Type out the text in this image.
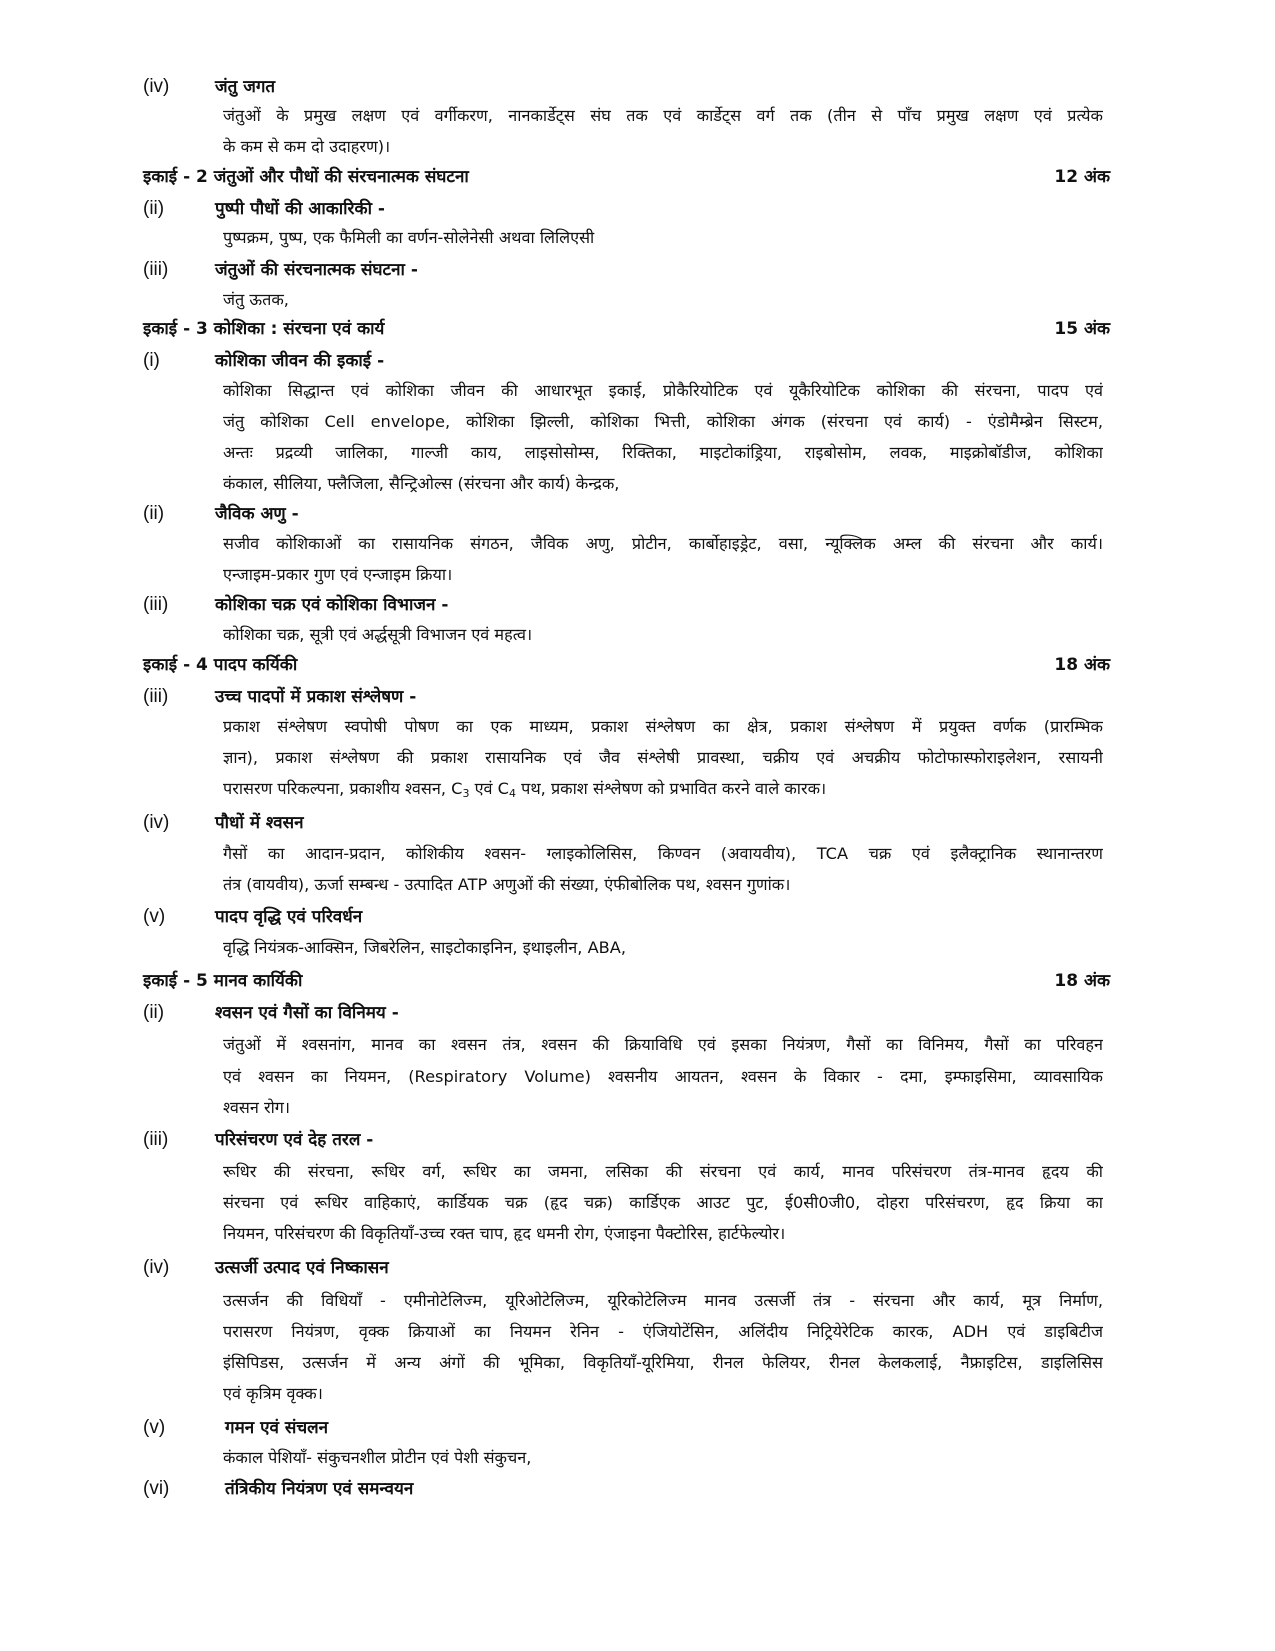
(iv)	जंतु जगत
जंतुओं के प्रमुख लक्षण एवं वर्गीकरण, नानकार्डेट्स संघ तक एवं कार्डेट्स वर्ग तक (तीन से पाँच प्रमुख लक्षण एवं प्रत्येक
के कम से कम दो उदाहरण)।
इकाई - 2 जंतुओं और पौधों की संरचनात्मक संघटना	12 अंक
(ii)	पुष्पी पौधों की आकारिकी -
पुष्पक्रम, पुष्प, एक फैमिली का वर्णन-सोलेनेसी अथवा लिलिएसी
(iii)	जंतुओं की संरचनात्मक संघटना -
जंतु ऊतक,
इकाई - 3 कोशिका : संरचना एवं कार्य	15 अंक
(i)	कोशिका जीवन की इकाई -
कोशिका सिद्धान्त एवं कोशिका जीवन की आधारभूत इकाई, प्रोकैरियोटिक एवं यूकैरियोटिक कोशिका की संरचना, पादप एवं
जंतु कोशिका Cell envelope, कोशिका झिल्ली, कोशिका भित्ती, कोशिका अंगक (संरचना एवं कार्य) - एंडोमैम्ब्रेन सिस्टम,
अन्तः प्रद्रव्यी जालिका, गाल्जी काय, लाइसोसोम्स, रिक्तिका, माइटोकांड्रिया, राइबोसोम, लवक, माइक्रोबॉडीज, कोशिका
कंकाल, सीलिया, फ्लैजिला, सैन्ट्रिओल्स (संरचना और कार्य) केन्द्रक,
(ii)	जैविक अणु -
सजीव कोशिकाओं का रासायनिक संगठन, जैविक अणु, प्रोटीन, कार्बोहाइड्रेट, वसा, न्यूक्लिक अम्ल की संरचना और कार्य।
एन्जाइम-प्रकार गुण एवं एन्जाइम क्रिया।
(iii)	कोशिका चक्र एवं कोशिका विभाजन -
कोशिका चक्र, सूत्री एवं अर्द्धसूत्री विभाजन एवं महत्व।
इकाई - 4 पादप कर्यिकी	18 अंक
(iii)	उच्च पादपों में प्रकाश संश्लेषण -
प्रकाश संश्लेषण स्वपोषी पोषण का एक माध्यम, प्रकाश संश्लेषण का क्षेत्र, प्रकाश संश्लेषण में प्रयुक्त वर्णक (प्रारम्भिक
ज्ञान), प्रकाश संश्लेषण की प्रकाश रासायनिक एवं जैव संश्लेषी प्रावस्था, चक्रीय एवं अचक्रीय फोटोफास्फोराइलेशन, रसायनी
परासरण परिकल्पना, प्रकाशीय श्वसन, $C_3$ एवं $C_4$ पथ, प्रकाश संश्लेषण को प्रभावित करने वाले कारक।
(iv)	पौधों में श्वसन
गैसों का आदान-प्रदान, कोशिकीय श्वसन- ग्लाइकोलिसिस, किण्वन (अवायवीय), TCA चक्र एवं इलैक्ट्रानिक स्थानान्तरण
तंत्र (वायवीय), ऊर्जा सम्बन्ध - उत्पादित ATP अणुओं की संख्या, एंफीबोलिक पथ, श्वसन गुणांक।
(v)	पादप वृद्धि एवं परिवर्धन
वृद्धि नियंत्रक-आक्सिन, जिबरेलिन, साइटोकाइनिन, इथाइलीन, ABA,
इकाई - 5 मानव कार्यिकी	18 अंक
(ii)	श्वसन एवं गैसों का विनिमय -
जंतुओं में श्वसनांग, मानव का श्वसन तंत्र, श्वसन की क्रियाविधि एवं इसका नियंत्रण, गैसों का विनिमय, गैसों का परिवहन
एवं श्वसन का नियमन, (Respiratory Volume) श्वसनीय आयतन, श्वसन के विकार - दमा, इम्फाइसिमा, व्यावसायिक
श्वसन रोग।
(iii)	परिसंचरण एवं देह तरल -
रूधिर की संरचना, रूधिर वर्ग, रूधिर का जमना, लसिका की संरचना एवं कार्य, मानव परिसंचरण तंत्र-मानव हृदय की
संरचना एवं रूधिर वाहिकाएं, कार्डियक चक्र (हृद चक्र) कार्डिएक आउट पुट, ई0सी0जी0, दोहरा परिसंचरण, हृद क्रिया का
नियमन, परिसंचरण की विकृतियाँ-उच्च रक्त चाप, हृद धमनी रोग, एंजाइना पैक्टोरिस, हार्टफेल्योर।
(iv)	उत्सर्जी उत्पाद एवं निष्कासन
उत्सर्जन की विधियाँ - एमीनोटेलिज्म, यूरिओटेलिज्म, यूरिकोटेलिज्म मानव उत्सर्जी तंत्र - संरचना और कार्य, मूत्र निर्माण,
परासरण नियंत्रण, वृक्क क्रियाओं का नियमन रेनिन - एंजियोटेंसिन, अलिंदीय निट्रियेरेटिक कारक, ADH एवं डाइबिटीज
इंसिपिडस, उत्सर्जन में अन्य अंगों की भूमिका, विकृतियाँ-यूरिमिया, रीनल फेलियर, रीनल केलकलाई, नैफ्राइटिस, डाइलिसिस
एवं कृत्रिम वृक्क।
(v)	गमन एवं संचलन
कंकाल पेशियाँ- संकुचनशील प्रोटीन एवं पेशी संकुचन,
(vi)	तंत्रिकीय नियंत्रण एवं समन्वयन
